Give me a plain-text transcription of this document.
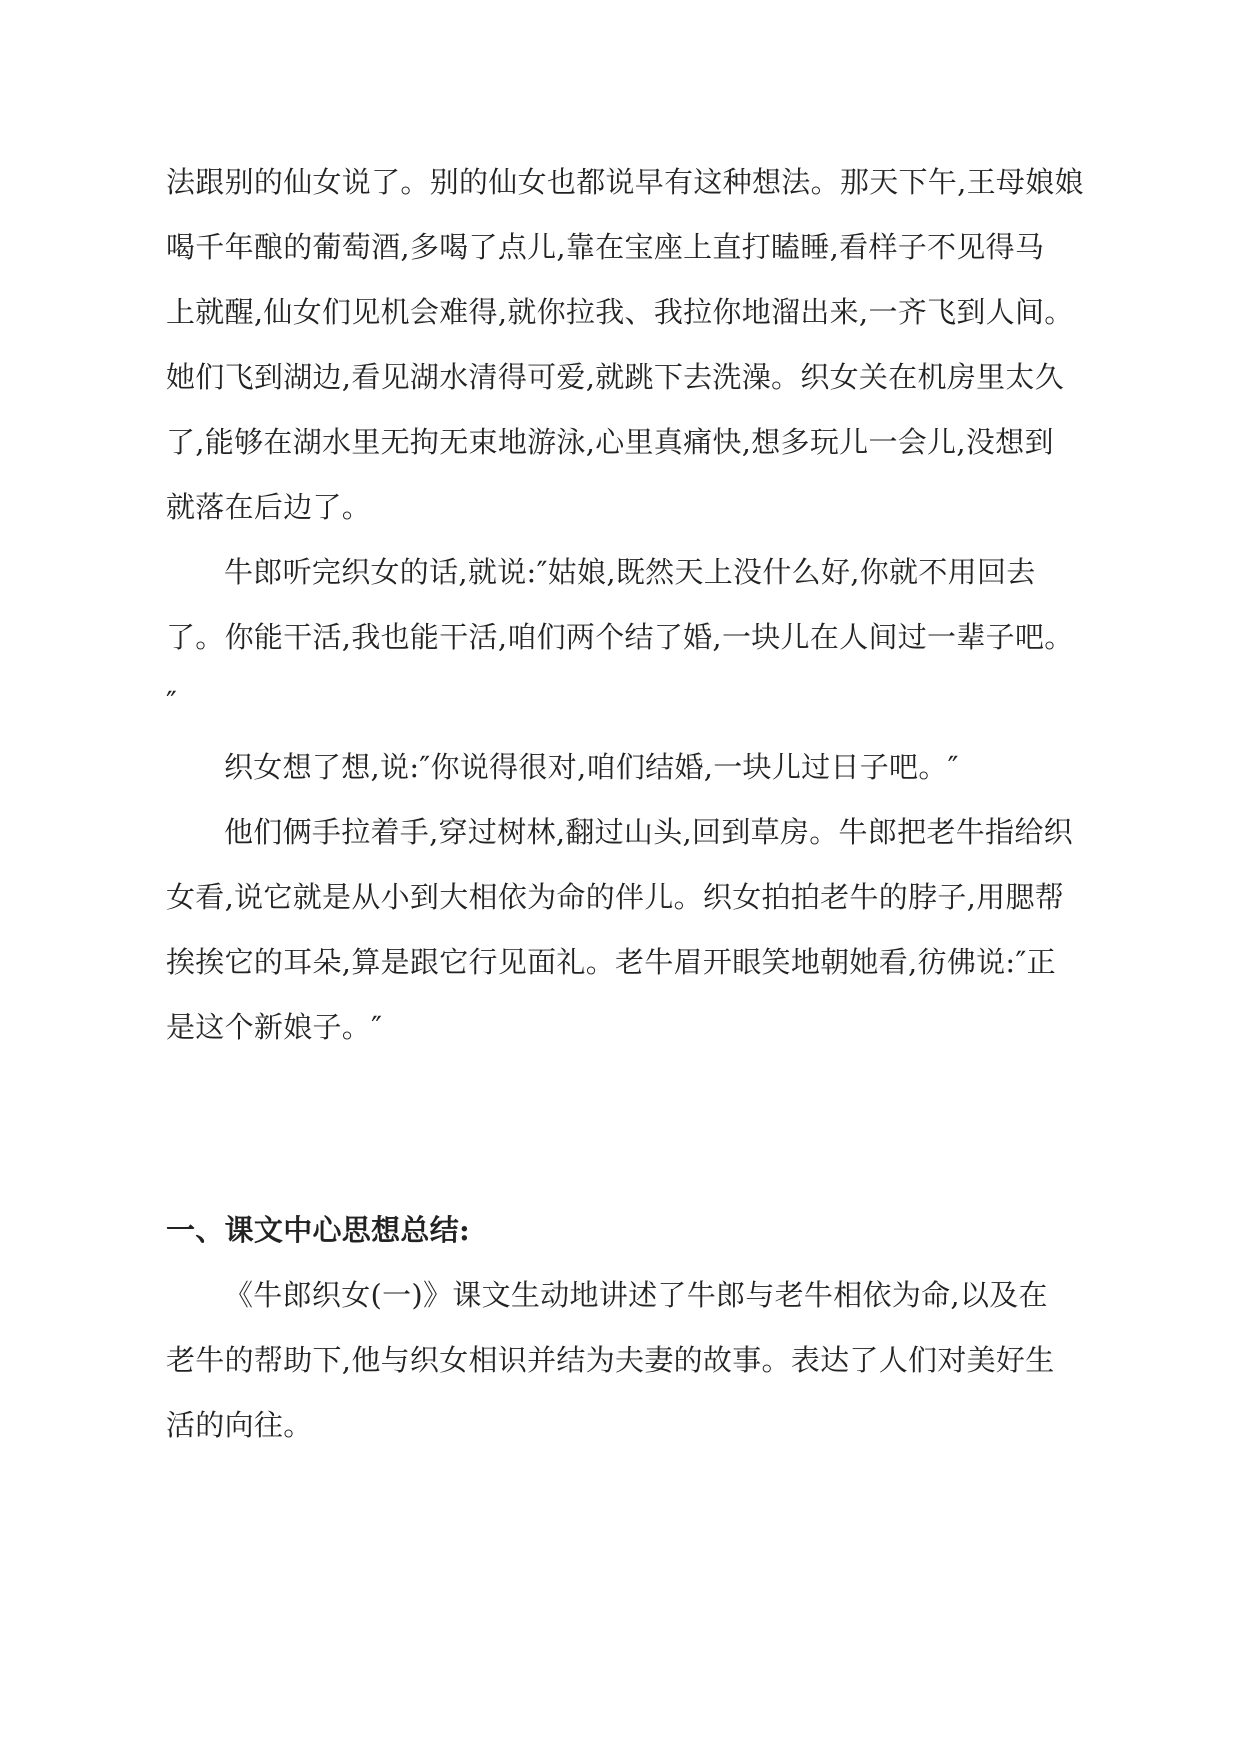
法跟别的仙女说了。别的仙女也都说早有这种想法。那天下午,王母娘娘
喝千年酿的葡萄酒,多喝了点儿,靠在宝座上直打瞌睡,看样子不见得马
上就醒,仙女们见机会难得,就你拉我、我拉你地溜出来,一齐飞到人间。
她们飞到湖边,看见湖水清得可爱,就跳下去洗澡。织女关在机房里太久
了,能够在湖水里无拘无束地游泳,心里真痛快,想多玩儿一会儿,没想到
就落在后边了。
牛郎听完织女的话,就说:″姑娘,既然天上没什么好,你就不用回去
了。你能干活,我也能干活,咱们两个结了婚,一块儿在人间过一辈子吧。
″
织女想了想,说:″你说得很对,咱们结婚,一块儿过日子吧。″
他们俩手拉着手,穿过树林,翻过山头,回到草房。牛郎把老牛指给织
女看,说它就是从小到大相依为命的伴儿。织女拍拍老牛的脖子,用腮帮
挨挨它的耳朵,算是跟它行见面礼。老牛眉开眼笑地朝她看,彷佛说:″正
是这个新娘子。″
一、课文中心思想总结:
《牛郎织女(一)》课文生动地讲述了牛郎与老牛相依为命,以及在
老牛的帮助下,他与织女相识并结为夫妻的故事。表达了人们对美好生
活的向往。
